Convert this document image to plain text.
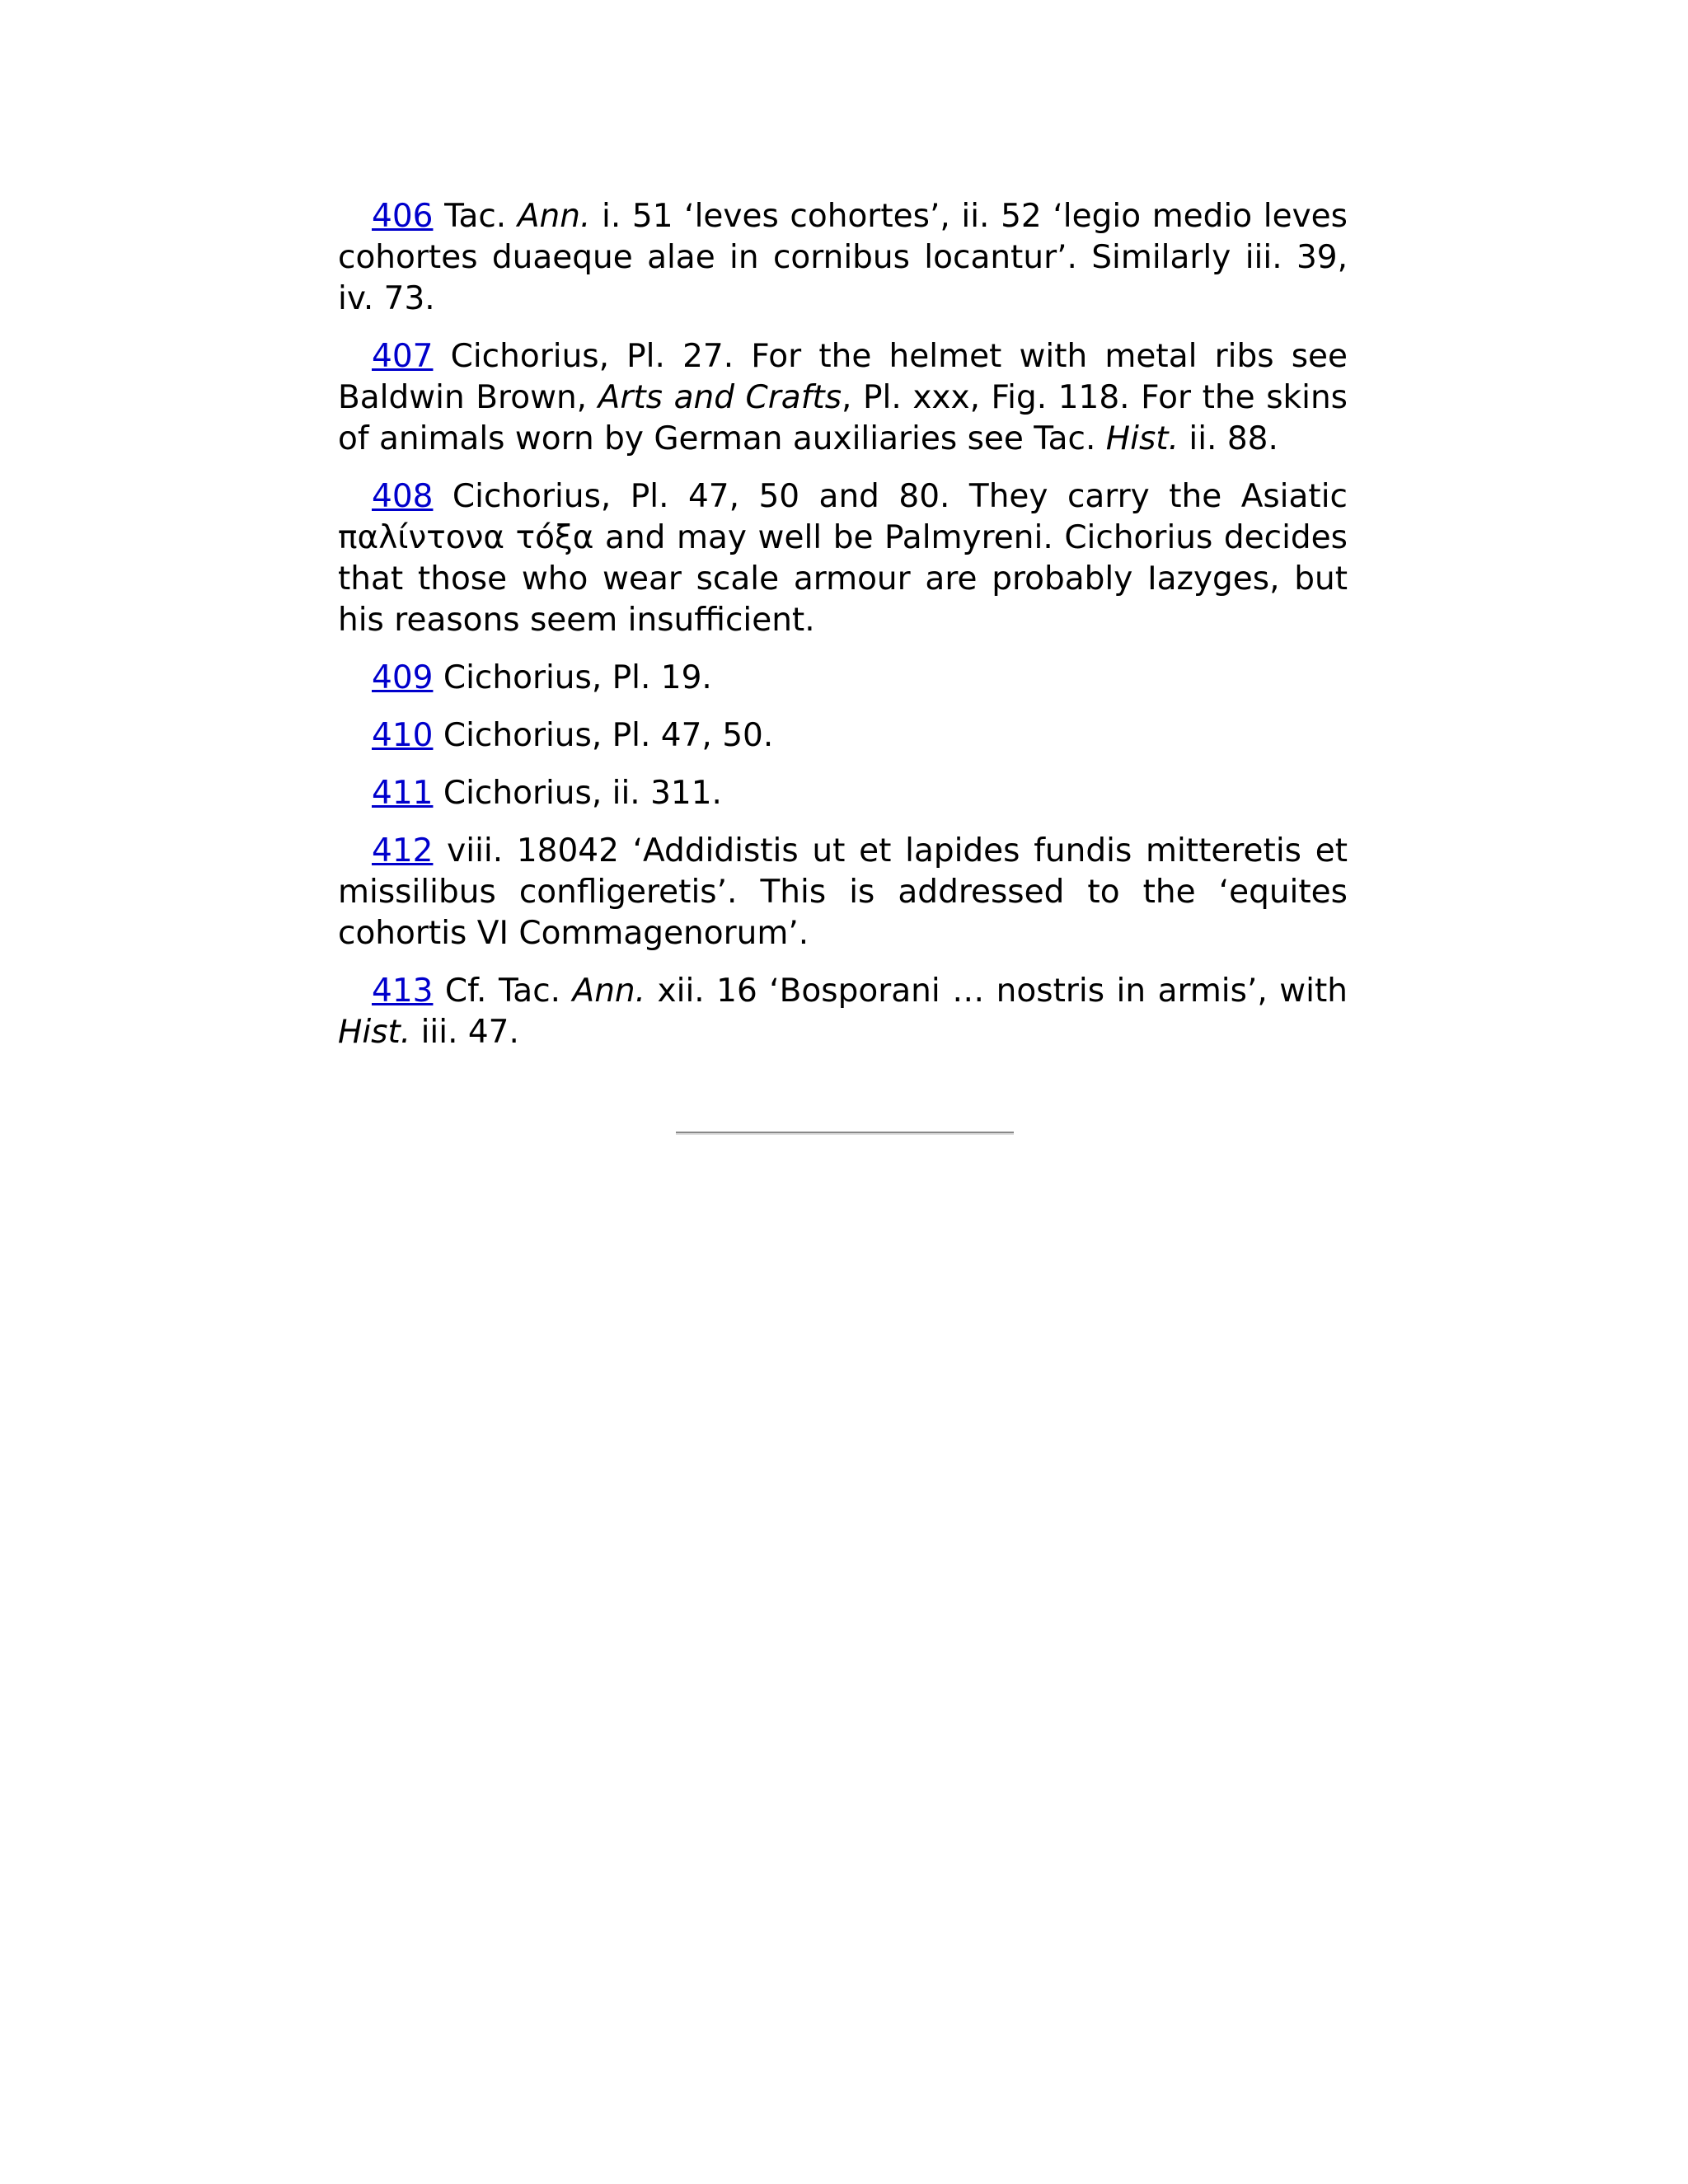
406 Tac. Ann. i. 51 ‘leves cohortes’, ii. 52 ‘legio medio leves cohortes duaeque alae in cornibus locantur’. Similarly iii. 39, iv. 73.

407 Cichorius, Pl. 27. For the helmet with metal ribs see Baldwin Brown, Arts and Crafts, Pl. xxx, Fig. 118. For the skins of animals worn by German auxiliaries see Tac. Hist. ii. 88.

408 Cichorius, Pl. 47, 50 and 80. They carry the Asiatic παλίντονα τόξα and may well be Palmyreni. Cichorius decides that those who wear scale armour are probably Iazyges, but his reasons seem insufficient.

409 Cichorius, Pl. 19.

410 Cichorius, Pl. 47, 50.

411 Cichorius, ii. 311.

412 viii. 18042 ‘Addidistis ut et lapides fundis mitteretis et missilibus confligeretis’. This is addressed to the ‘equites cohortis VI Commagenorum’.

413 Cf. Tac. Ann. xii. 16 ‘Bosporani … nostris in armis’, with Hist. iii. 47.
